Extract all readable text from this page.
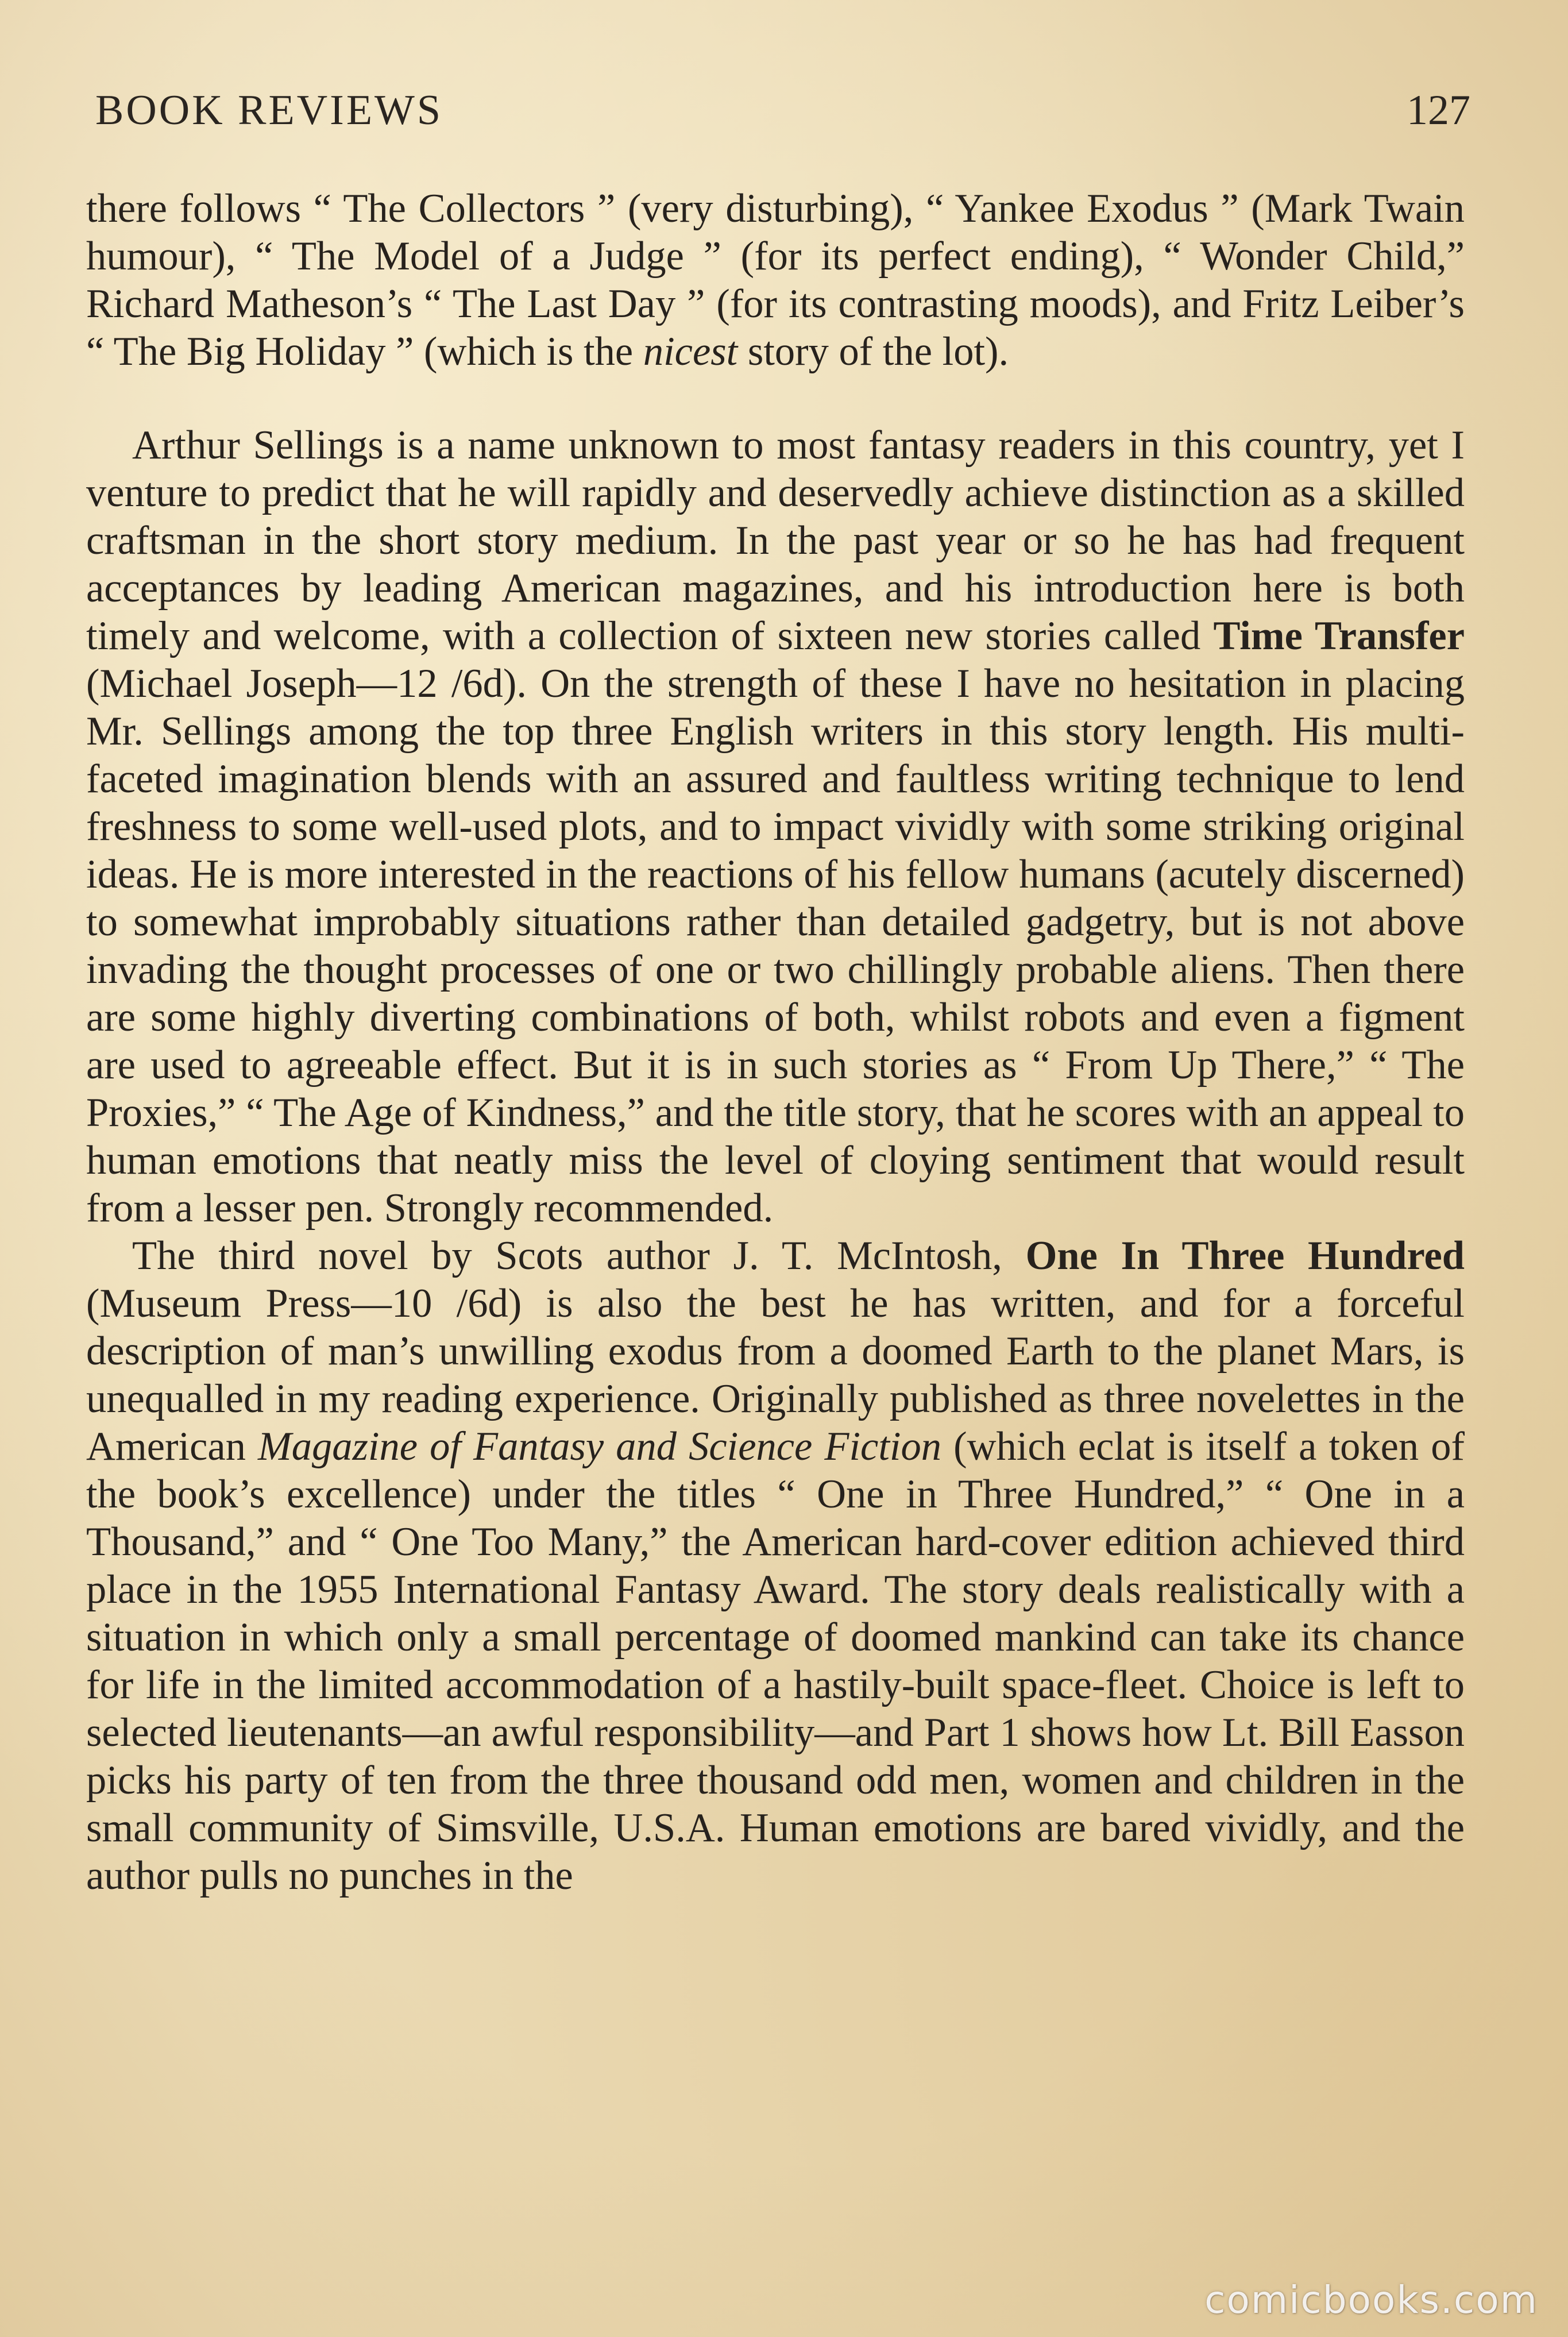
BOOK REVIEWS	127

there follows “ The Collectors ” (very disturbing), “ Yankee Exodus ” (Mark Twain humour), “ The Model of a Judge ” (for its perfect ending), “ Wonder Child,” Richard Matheson’s “ The Last Day ” (for its contrasting moods), and Fritz Leiber’s “ The Big Holiday ” (which is the nicest story of the lot).

Arthur Sellings is a name unknown to most fantasy readers in this country, yet I venture to predict that he will rapidly and deservedly achieve distinction as a skilled craftsman in the short story medium. In the past year or so he has had frequent acceptances by leading American magazines, and his introduction here is both timely and welcome, with a collection of sixteen new stories called Time Transfer (Michael Joseph—12 /6d). On the strength of these I have no hesitation in placing Mr. Sellings among the top three English writers in this story length. His multi-faceted imagination blends with an assured and faultless writing technique to lend freshness to some well-used plots, and to impact vividly with some striking original ideas. He is more interested in the reactions of his fellow humans (acutely discerned) to somewhat improbably situations rather than detailed gadgetry, but is not above invading the thought processes of one or two chillingly probable aliens. Then there are some highly diverting combinations of both, whilst robots and even a figment are used to agreeable effect. But it is in such stories as “ From Up There,” “ The Proxies,” “ The Age of Kindness,” and the title story, that he scores with an appeal to human emotions that neatly miss the level of cloying sentiment that would result from a lesser pen. Strongly recommended.

The third novel by Scots author J. T. McIntosh, One In Three Hundred (Museum Press—10 /6d) is also the best he has written, and for a forceful description of man’s unwilling exodus from a doomed Earth to the planet Mars, is unequalled in my reading experience. Originally published as three novelettes in the American Magazine of Fantasy and Science Fiction (which eclat is itself a token of the book’s excellence) under the titles “ One in Three Hundred,” “ One in a Thousand,” and “ One Too Many,” the American hard-cover edition achieved third place in the 1955 International Fantasy Award. The story deals realistically with a situation in which only a small percentage of doomed mankind can take its chance for life in the limited accommodation of a hastily-built space-fleet. Choice is left to selected lieutenants—an awful responsibility—and Part 1 shows how Lt. Bill Easson picks his party of ten from the three thousand odd men, women and children in the small community of Simsville, U.S.A. Human emotions are bared vividly, and the author pulls no punches in the

comicbooks.com
